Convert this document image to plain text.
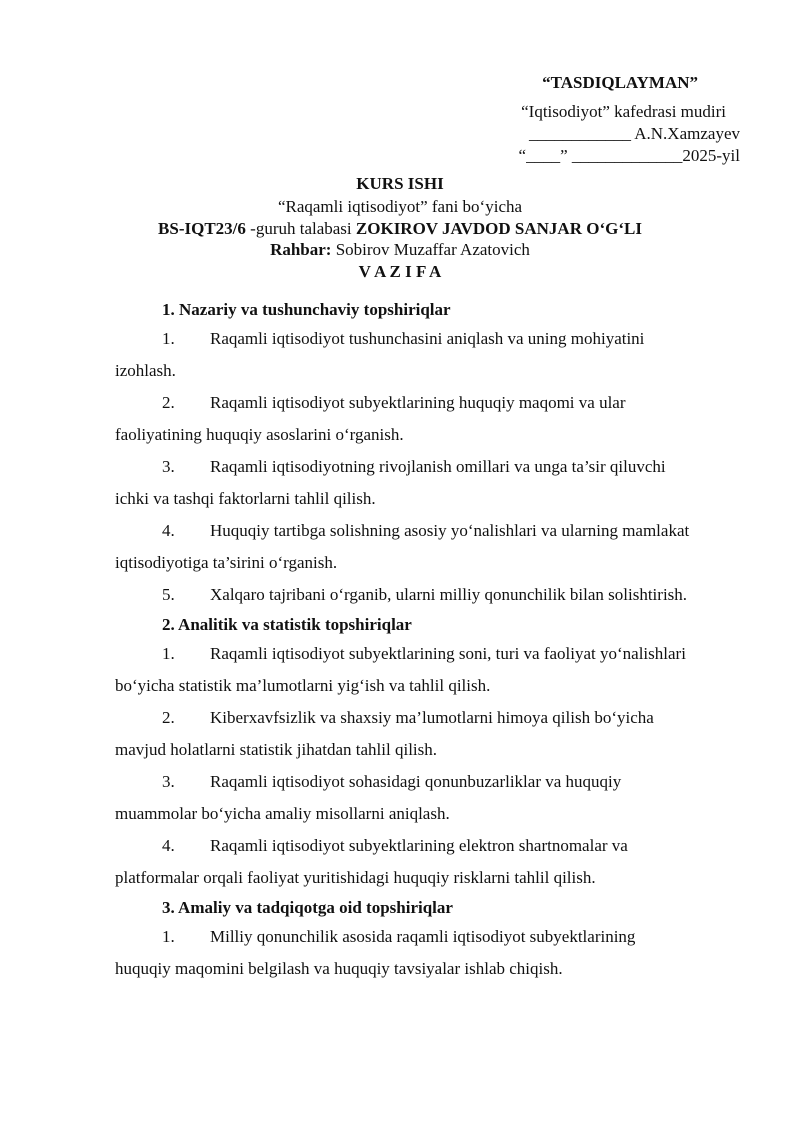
“TASDIQLAYMAN”
“Iqtisodiyot” kafedrasi mudiri
____________ A.N.Xamzayev
“____” _____________2025-yil
KURS ISHI
“Raqamli iqtisodiyot” fani bo‘yicha
BS-IQT23/6 -guruh talabasi ZOKIROV JAVDOD SANJAR O‘G‘LI
Rahbar: Sobirov Muzaffar Azatovich
V A Z I F A
1. Nazariy va tushunchaviy topshiriqlar
1. Raqamli iqtisodiyot tushunchasini aniqlash va uning mohiyatini
izohlash.
2. Raqamli iqtisodiyot subyektlarining huquqiy maqomi va ular
faoliyatining huquqiy asoslarini o‘rganish.
3. Raqamli iqtisodiyotning rivojlanish omillari va unga ta’sir qiluvchi
ichki va tashqi faktorlarni tahlil qilish.
4. Huquqiy tartibga solishning asosiy yo‘nalishlari va ularning mamlakat
iqtisodiyotiga ta’sirini o‘rganish.
5. Xalqaro tajribani o‘rganib, ularni milliy qonunchilik bilan solishtirish.
2. Analitik va statistik topshiriqlar
1. Raqamli iqtisodiyot subyektlarining soni, turi va faoliyat yo‘nalishlari
bo‘yicha statistik ma’lumotlarni yig‘ish va tahlil qilish.
2. Kiberxavfsizlik va shaxsiy ma’lumotlarni himoya qilish bo‘yicha
mavjud holatlarni statistik jihatdan tahlil qilish.
3. Raqamli iqtisodiyot sohasidagi qonunbuzarliklar va huquqiy
muammolar bo‘yicha amaliy misollarni aniqlash.
4. Raqamli iqtisodiyot subyektlarining elektron shartnomalar va
platformalar orqali faoliyat yuritishidagi huquqiy risklarni tahlil qilish.
3. Amaliy va tadqiqotga oid topshiriqlar
1. Milliy qonunchilik asosida raqamli iqtisodiyot subyektlarining
huquqiy maqomini belgilash va huquqiy tavsiyalar ishlab chiqish.
